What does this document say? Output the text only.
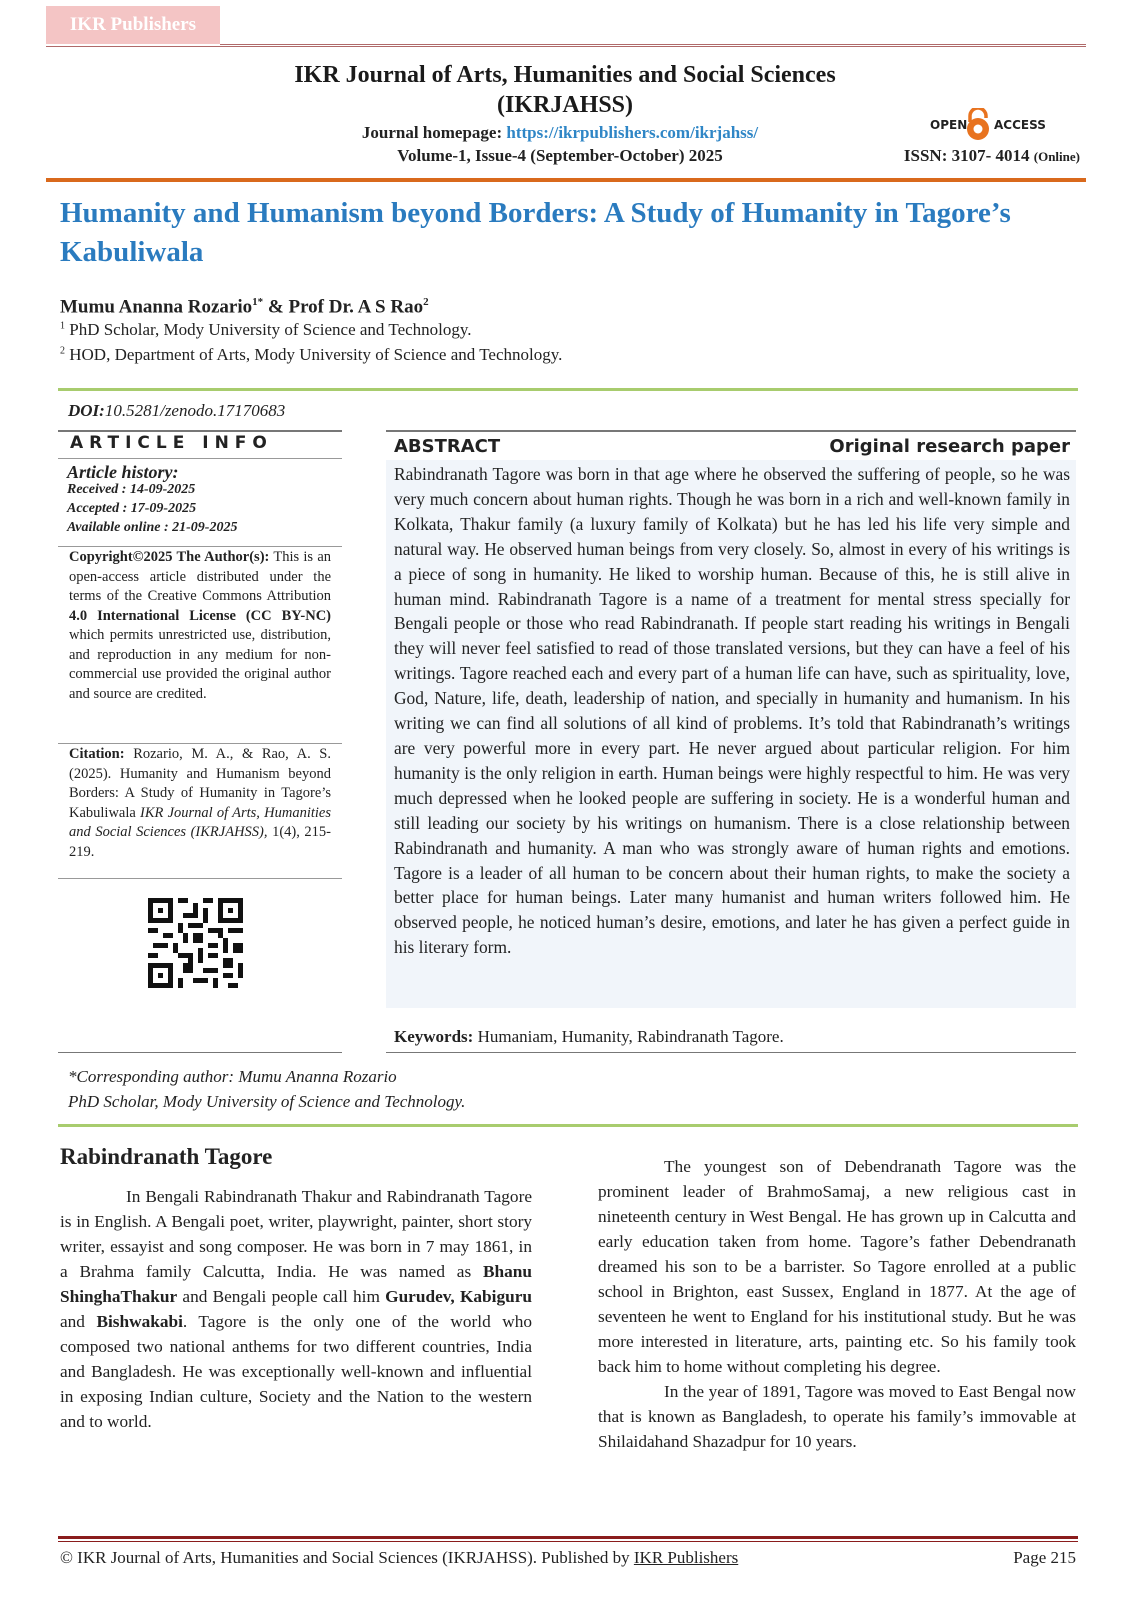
IKR Publishers
IKR Journal of Arts, Humanities and Social Sciences
(IKRJAHSS)
Journal homepage: https://ikrpublishers.com/ikrjahss/
Volume-1, Issue-4 (September-October) 2025
OPEN ACCESS
ISSN: 3107- 4014 (Online)
Humanity and Humanism beyond Borders: A Study of Humanity in Tagore’s Kabuliwala
Mumu Ananna Rozario$^{1*}$ & Prof Dr. A S Rao$^2$
$^1$ PhD Scholar, Mody University of Science and Technology.
$^2$ HOD, Department of Arts, Mody University of Science and Technology.
DOI:10.5281/zenodo.17170683
ARTICLE INFO
Article history:
Received : 14-09-2025
Accepted : 17-09-2025
Available online : 21-09-2025
Copyright©2025 The Author(s): This is an open-access article distributed under the terms of the Creative Commons Attribution 4.0 International License (CC BY-NC) which permits unrestricted use, distribution, and reproduction in any medium for non-commercial use provided the original author and source are credited.
Citation: Rozario, M. A., & Rao, A. S. (2025). Humanity and Humanism beyond Borders: A Study of Humanity in Tagore’s Kabuliwala IKR Journal of Arts, Humanities and Social Sciences (IKRJAHSS), 1(4), 215-219.
ABSTRACT	Original research paper
Rabindranath Tagore was born in that age where he observed the suffering of people, so he was very much concern about human rights. Though he was born in a rich and well-known family in Kolkata, Thakur family (a luxury family of Kolkata) but he has led his life very simple and natural way. He observed human beings from very closely. So, almost in every of his writings is a piece of song in humanity. He liked to worship human. Because of this, he is still alive in human mind. Rabindranath Tagore is a name of a treatment for mental stress specially for Bengali people or those who read Rabindranath. If people start reading his writings in Bengali they will never feel satisfied to read of those translated versions, but they can have a feel of his writings. Tagore reached each and every part of a human life can have, such as spirituality, love, God, Nature, life, death, leadership of nation, and specially in humanity and humanism. In his writing we can find all solutions of all kind of problems. It’s told that Rabindranath’s writings are very powerful more in every part. He never argued about particular religion. For him humanity is the only religion in earth. Human beings were highly respectful to him. He was very much depressed when he looked people are suffering in society. He is a wonderful human and still leading our society by his writings on humanism. There is a close relationship between Rabindranath and humanity. A man who was strongly aware of human rights and emotions. Tagore is a leader of all human to be concern about their human rights, to make the society a better place for human beings. Later many humanist and human writers followed him. He observed people, he noticed human’s desire, emotions, and later he has given a perfect guide in his literary form.
Keywords: Humaniam, Humanity, Rabindranath Tagore.
*Corresponding author: Mumu Ananna Rozario
PhD Scholar, Mody University of Science and Technology.
Rabindranath Tagore

In Bengali Rabindranath Thakur and Rabindranath Tagore is in English. A Bengali poet, writer, playwright, painter, short story writer, essayist and song composer. He was born in 7 may 1861, in a Brahma family Calcutta, India. He was named as Bhanu ShinghaThakur and Bengali people call him Gurudev, Kabiguru and Bishwakabi. Tagore is the only one of the world who composed two national anthems for two different countries, India and Bangladesh. He was exceptionally well-known and influential in exposing Indian culture, Society and the Nation to the western and to world.

The youngest son of Debendranath Tagore was the prominent leader of BrahmoSamaj, a new religious cast in nineteenth century in West Bengal. He has grown up in Calcutta and early education taken from home. Tagore’s father Debendranath dreamed his son to be a barrister. So Tagore enrolled at a public school in Brighton, east Sussex, England in 1877. At the age of seventeen he went to England for his institutional study. But he was more interested in literature, arts, painting etc. So his family took back him to home without completing his degree.

In the year of 1891, Tagore was moved to East Bengal now that is known as Bangladesh, to operate his family’s immovable at Shilaidahand Shazadpur for 10 years.

© IKR Journal of Arts, Humanities and Social Sciences (IKRJAHSS). Published by IKR Publishers	Page 215
